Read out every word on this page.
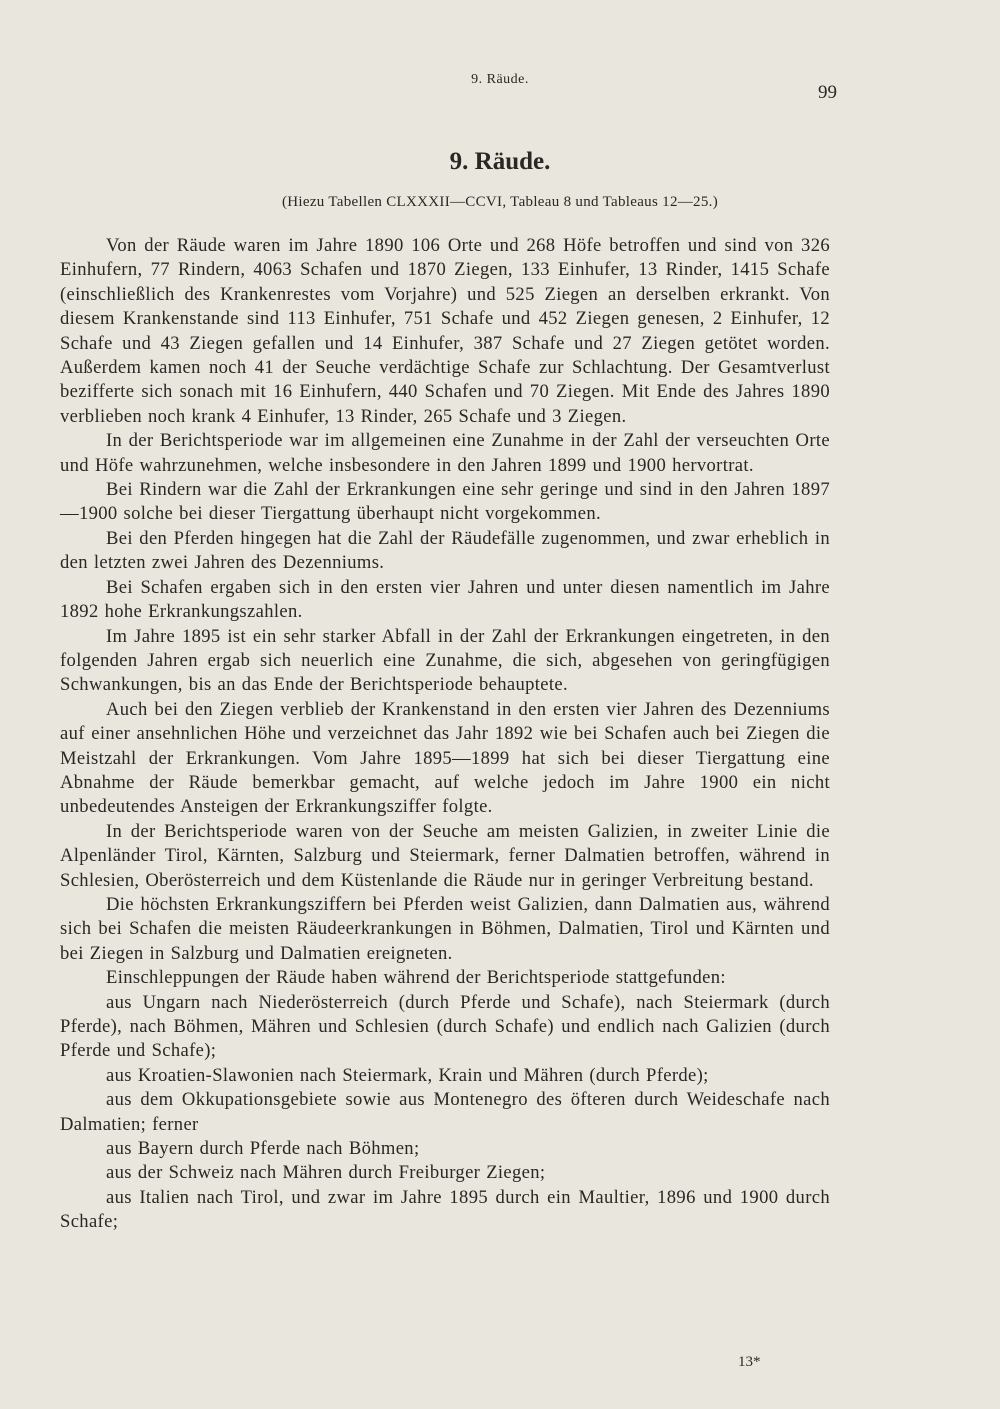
9. Räude.
99
9. Räude.
(Hiezu Tabellen CLXXXII—CCVI, Tableau 8 und Tableaus 12—25.)

Von der Räude waren im Jahre 1890 106 Orte und 268 Höfe betroffen und sind von 326 Einhufern, 77 Rindern, 4063 Schafen und 1870 Ziegen, 133 Einhufer, 13 Rinder, 1415 Schafe (einschließlich des Krankenrestes vom Vorjahre) und 525 Ziegen an derselben erkrankt. Von diesem Krankenstande sind 113 Einhufer, 751 Schafe und 452 Ziegen genesen, 2 Einhufer, 12 Schafe und 43 Ziegen gefallen und 14 Einhufer, 387 Schafe und 27 Ziegen getötet worden. Außerdem kamen noch 41 der Seuche verdächtige Schafe zur Schlachtung. Der Gesamtverlust bezifferte sich sonach mit 16 Einhufern, 440 Schafen und 70 Ziegen. Mit Ende des Jahres 1890 verblieben noch krank 4 Einhufer, 13 Rinder, 265 Schafe und 3 Ziegen.

In der Berichtsperiode war im allgemeinen eine Zunahme in der Zahl der verseuchten Orte und Höfe wahrzunehmen, welche insbesondere in den Jahren 1899 und 1900 hervortrat.

Bei Rindern war die Zahl der Erkrankungen eine sehr geringe und sind in den Jahren 1897—1900 solche bei dieser Tiergattung überhaupt nicht vorgekommen.

Bei den Pferden hingegen hat die Zahl der Räudefälle zugenommen, und zwar erheblich in den letzten zwei Jahren des Dezenniums.

Bei Schafen ergaben sich in den ersten vier Jahren und unter diesen namentlich im Jahre 1892 hohe Erkrankungszahlen.

Im Jahre 1895 ist ein sehr starker Abfall in der Zahl der Erkrankungen eingetreten, in den folgenden Jahren ergab sich neuerlich eine Zunahme, die sich, abgesehen von geringfügigen Schwankungen, bis an das Ende der Berichtsperiode behauptete.

Auch bei den Ziegen verblieb der Krankenstand in den ersten vier Jahren des Dezenniums auf einer ansehnlichen Höhe und verzeichnet das Jahr 1892 wie bei Schafen auch bei Ziegen die Meistzahl der Erkrankungen. Vom Jahre 1895—1899 hat sich bei dieser Tiergattung eine Abnahme der Räude bemerkbar gemacht, auf welche jedoch im Jahre 1900 ein nicht unbedeutendes Ansteigen der Erkrankungsziffer folgte.

In der Berichtsperiode waren von der Seuche am meisten Galizien, in zweiter Linie die Alpenländer Tirol, Kärnten, Salzburg und Steiermark, ferner Dalmatien betroffen, während in Schlesien, Oberösterreich und dem Küstenlande die Räude nur in geringer Verbreitung bestand.

Die höchsten Erkrankungsziffern bei Pferden weist Galizien, dann Dalmatien aus, während sich bei Schafen die meisten Räudeerkrankungen in Böhmen, Dalmatien, Tirol und Kärnten und bei Ziegen in Salzburg und Dalmatien ereigneten.

Einschleppungen der Räude haben während der Berichtsperiode stattgefunden:

aus Ungarn nach Niederösterreich (durch Pferde und Schafe), nach Steiermark (durch Pferde), nach Böhmen, Mähren und Schlesien (durch Schafe) und endlich nach Galizien (durch Pferde und Schafe);

aus Kroatien-Slawonien nach Steiermark, Krain und Mähren (durch Pferde);

aus dem Okkupationsgebiete sowie aus Montenegro des öfteren durch Weideschafe nach Dalmatien; ferner

aus Bayern durch Pferde nach Böhmen;

aus der Schweiz nach Mähren durch Freiburger Ziegen;

aus Italien nach Tirol, und zwar im Jahre 1895 durch ein Maultier, 1896 und 1900 durch Schafe;

13*
